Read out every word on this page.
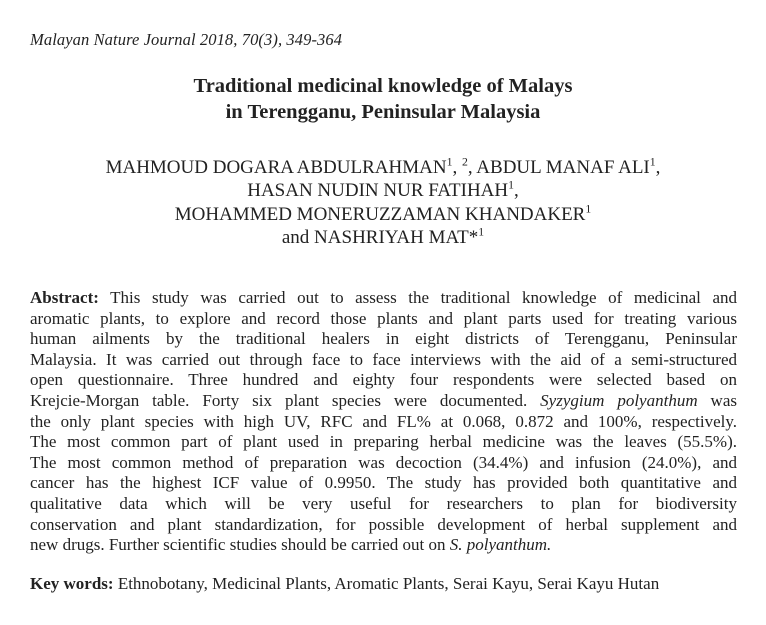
Malayan Nature Journal 2018, 70(3), 349-364
Traditional medicinal knowledge of Malays
in Terengganu, Peninsular Malaysia
MAHMOUD DOGARA ABDULRAHMAN$^1$, $^2$, ABDUL MANAF ALI$^1$,
HASAN NUDIN NUR FATIHAH$^1$,
MOHAMMED MONERUZZAMAN KHANDAKER$^1$
and NASHRIYAH MAT*$^1$
Abstract: This study was carried out to assess the traditional knowledge of medicinal and
aromatic plants, to explore and record those plants and plant parts used for treating various
human ailments by the traditional healers in eight districts of Terengganu, Peninsular
Malaysia. It was carried out through face to face interviews with the aid of a semi-structured
open questionnaire. Three hundred and eighty four respondents were selected based on
Krejcie-Morgan table. Forty six plant species were documented. Syzygium polyanthum was
the only plant species with high UV, RFC and FL% at 0.068, 0.872 and 100%, respectively.
The most common part of plant used in preparing herbal medicine was the leaves (55.5%).
The most common method of preparation was decoction (34.4%) and infusion (24.0%), and
cancer has the highest ICF value of 0.9950. The study has provided both quantitative and
qualitative data which will be very useful for researchers to plan for biodiversity
conservation and plant standardization, for possible development of herbal supplement and
new drugs. Further scientific studies should be carried out on S. polyanthum.
Key words: Ethnobotany, Medicinal Plants, Aromatic Plants, Serai Kayu, Serai Kayu Hutan
